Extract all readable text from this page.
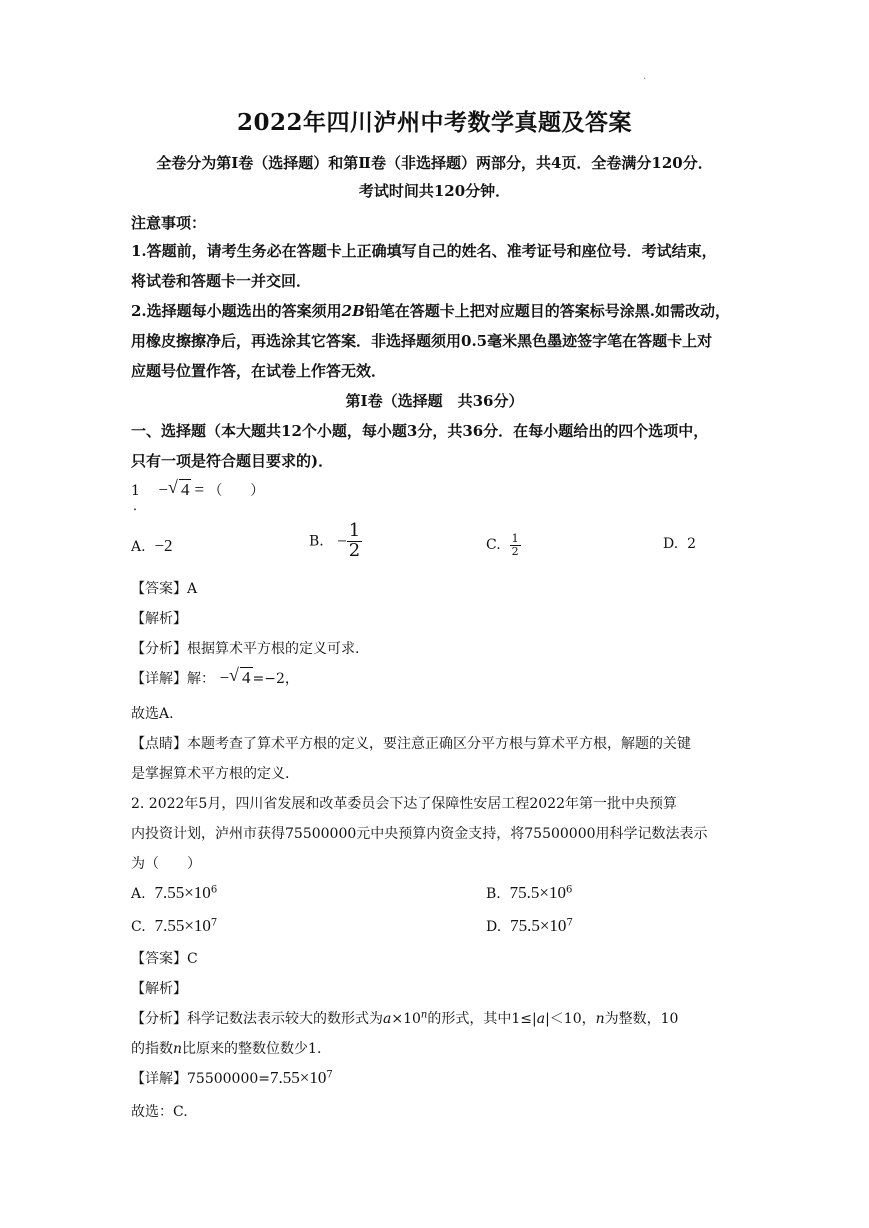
·
2022年四川泸州中考数学真题及答案
全卷分为第Ⅰ卷（选择题）和第Ⅱ卷（非选择题）两部分，共4页．全卷满分120分．
考试时间共120分钟．
注意事项：
1.答题前，请考生务必在答题卡上正确填写自己的姓名、准考证号和座位号．考试结束，
将试卷和答题卡一并交回．
2.选择题每小题选出的答案须用2B铅笔在答题卡上把对应题目的答案标号涂黑.如需改动，
用橡皮擦擦净后，再选涂其它答案．非选择题须用0.5毫米黑色墨迹签字笔在答题卡上对
应题号位置作答，在试卷上作答无效．
第Ⅰ卷（选择题　共36分）
一、选择题（本大题共12个小题，每小题3分，共36分．在每小题给出的四个选项中，
只有一项是符合题目要求的)．
1
．
− √ 4 = （　　）
A. −2	B. − $\frac{1}{2}$	C. $\frac{1}{2}$	D. 2
【答案】A
【解析】
【分析】根据算术平方根的定义可求.
【详解】解： − √ 4 =−2，
故选A.
【点睛】本题考查了算术平方根的定义，要注意正确区分平方根与算术平方根，解题的关键
是掌握算术平方根的定义.
2. 2022年5月，四川省发展和改革委员会下达了保障性安居工程2022年第一批中央预算
内投资计划，泸州市获得75500000元中央预算内资金支持，将75500000用科学记数法表示
为（　　）
A. $7.55\times 10^6$	B. $75.5\times 10^6$
C. $7.55\times 10^7$	D. $75.5\times 10^7$
【答案】C
【解析】
【分析】科学记数法表示较大的数形式为$a\times 10^n$的形式，其中1≤|a|＜10，n为整数，10
的指数n比原来的整数位数少1.
【详解】$75500000=7.55\times 10^7$
故选：C.
